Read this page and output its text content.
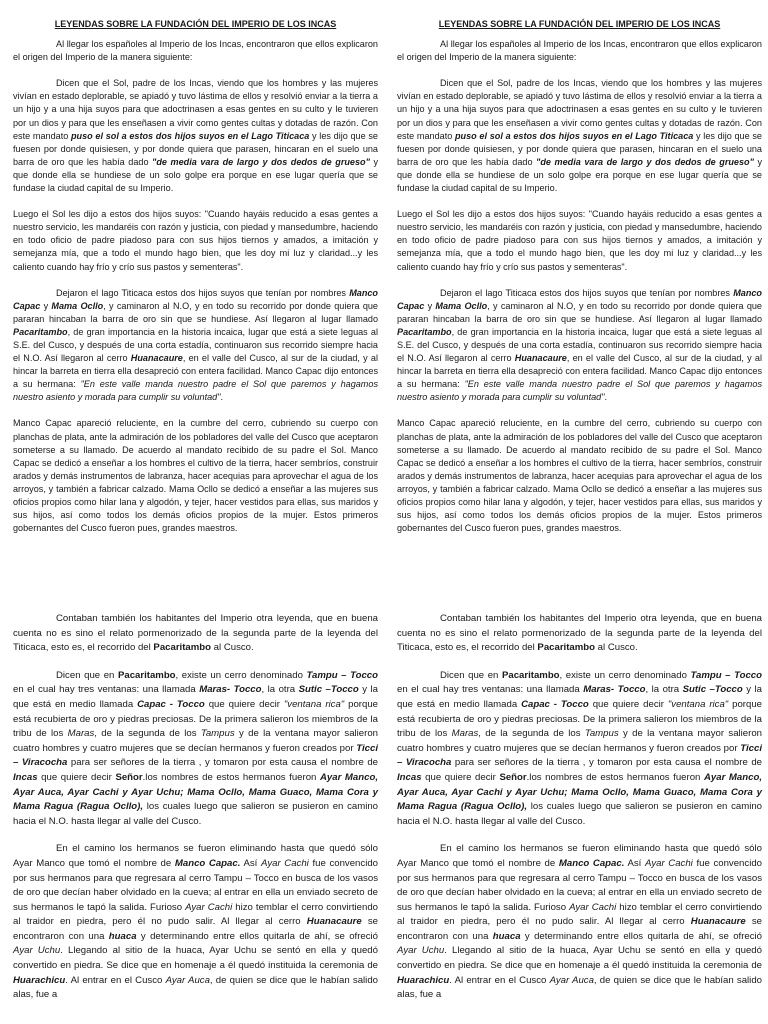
LEYENDAS SOBRE LA FUNDACIÓN DEL IMPERIO DE LOS INCAS

Al llegar los españoles al Imperio de los Incas, encontraron que ellos explicaron el origen del Imperio de la manera siguiente:

Dicen que el Sol, padre de los Incas, viendo que los hombres y las mujeres vivían en estado deplorable, se apiadó y tuvo lástima de ellos y resolvió enviar a la tierra a un hijo y a una hija suyos para que adoctrinasen a esas gentes en su culto y le tuvieren por un dios y para que les enseñasen a vivir como gentes cultas y dotadas de razón. Con este mandato puso el sol a estos dos hijos suyos en el Lago Titicaca y les dijo que se fuesen por donde quisiesen, y por donde quiera que parasen, hincaran en el suelo una barra de oro que les había dado "de media vara de largo y dos dedos de grueso" y que donde ella se hundiese de un solo golpe era porque en ese lugar quería que se fundase la ciudad capital de su Imperio.

Luego el Sol les dijo a estos dos hijos suyos: "Cuando hayáis reducido a esas gentes a nuestro servicio, les mandaréis con razón y justicia, con piedad y mansedumbre, haciendo en todo oficio de padre piadoso para con sus hijos tiernos y amados, a imitación y semejanza mía, que a todo el mundo hago bien, que les doy mi luz y claridad...y les caliento cuando hay frío y crío sus pastos y sementeras".

Dejaron el lago Titicaca estos dos hijos suyos que tenían por nombres Manco Capac y Mama Ocllo, y caminaron al N.O, y en todo su recorrido por donde quiera que pararan hincaban la barra de oro sin que se hundiese. Así llegaron al lugar llamado Pacaritambo, de gran importancia en la historia incaica, lugar que está a siete leguas al S.E. del Cusco, y después de una corta estadía, continuaron sus recorrido siempre hacia el N.O. Así llegaron al cerro Huanacaure, en el valle del Cusco, al sur de la ciudad, y al hincar la barreta en tierra ella desapreció con entera facilidad. Manco Capac dijo entonces a su hermana: "En este valle manda nuestro padre el Sol que paremos y hagamos nuestro asiento y morada para cumplir su voluntad".

Manco Capac apareció reluciente, en la cumbre del cerro, cubriendo su cuerpo con planchas de plata, ante la admiración de los pobladores del valle del Cusco que aceptaron someterse a su llamado. De acuerdo al mandato recibido de su padre el Sol. Manco Capac se dedicó a enseñar a los hombres el cultivo de la tierra, hacer sembríos, construir arados y demás instrumentos de labranza, hacer acequias para aprovechar el agua de los arroyos, y también a fabricar calzado. Mama Ocllo se dedicó a enseñar a las mujeres sus oficios propios como hilar lana y algodón, y tejer, hacer vestidos para ellas, sus maridos y sus hijos, así como todos los demás oficios propios de la mujer. Estos primeros gobernantes del Cusco fueron pues, grandes maestros.

LEYENDAS SOBRE LA FUNDACIÓN DEL IMPERIO DE LOS INCAS

Al llegar los españoles al Imperio de los Incas, encontraron que ellos explicaron el origen del Imperio de la manera siguiente:

Dicen que el Sol, padre de los Incas, viendo que los hombres y las mujeres vivían en estado deplorable, se apiadó y tuvo lástima de ellos y resolvió enviar a la tierra a un hijo y a una hija suyos para que adoctrinasen a esas gentes en su culto y le tuvieren por un dios y para que les enseñasen a vivir como gentes cultas y dotadas de razón. Con este mandato puso el sol a estos dos hijos suyos en el Lago Titicaca y les dijo que se fuesen por donde quisiesen, y por donde quiera que parasen, hincaran en el suelo una barra de oro que les había dado "de media vara de largo y dos dedos de grueso" y que donde ella se hundiese de un solo golpe era porque en ese lugar quería que se fundase la ciudad capital de su Imperio.

Luego el Sol les dijo a estos dos hijos suyos: "Cuando hayáis reducido a esas gentes a nuestro servicio, les mandaréis con razón y justicia, con piedad y mansedumbre, haciendo en todo oficio de padre piadoso para con sus hijos tiernos y amados, a imitación y semejanza mía, que a todo el mundo hago bien, que les doy mi luz y claridad...y les caliento cuando hay frío y crío sus pastos y sementeras".

Dejaron el lago Titicaca estos dos hijos suyos que tenían por nombres Manco Capac y Mama Ocllo, y caminaron al N.O, y en todo su recorrido por donde quiera que pararan hincaban la barra de oro sin que se hundiese. Así llegaron al lugar llamado Pacaritambo, de gran importancia en la historia incaica, lugar que está a siete leguas al S.E. del Cusco, y después de una corta estadía, continuaron sus recorrido siempre hacia el N.O. Así llegaron al cerro Huanacaure, en el valle del Cusco, al sur de la ciudad, y al hincar la barreta en tierra ella desapreció con entera facilidad. Manco Capac dijo entonces a su hermana: "En este valle manda nuestro padre el Sol que paremos y hagamos nuestro asiento y morada para cumplir su voluntad".

Manco Capac apareció reluciente, en la cumbre del cerro, cubriendo su cuerpo con planchas de plata, ante la admiración de los pobladores del valle del Cusco que aceptaron someterse a su llamado. De acuerdo al mandato recibido de su padre el Sol. Manco Capac se dedicó a enseñar a los hombres el cultivo de la tierra, hacer sembríos, construir arados y demás instrumentos de labranza, hacer acequias para aprovechar el agua de los arroyos, y también a fabricar calzado. Mama Ocllo se dedicó a enseñar a las mujeres sus oficios propios como hilar lana y algodón, y tejer, hacer vestidos para ellas, sus maridos y sus hijos, así como todos los demás oficios propios de la mujer. Estos primeros gobernantes del Cusco fueron pues, grandes maestros.

Contaban también los habitantes del Imperio otra leyenda, que en buena cuenta no es sino el relato pormenorizado de la segunda parte de la leyenda del Titicaca, esto es, el recorrido del Pacaritambo al Cusco.

Dicen que en Pacaritambo, existe un cerro denominado Tampu – Tocco en el cual hay tres ventanas: una llamada Maras- Tocco, la otra Sutic –Tocco y la que está en medio llamada Capac - Tocco que quiere decir "ventana rica" porque está recubierta de oro y piedras preciosas. De la primera salieron los miembros de la tribu de los Maras, de la segunda de los Tampus y de la ventana mayor salieron cuatro hombres y cuatro mujeres que se decían hermanos y fueron creados por Ticci – Viracocha para ser señores de la tierra , y tomaron por esta causa el nombre de Incas que quiere decir Señor.los nombres de estos hermanos fueron Ayar Manco, Ayar Auca, Ayar Cachi y Ayar Uchu; Mama Ocllo, Mama Guaco, Mama Cora y Mama Ragua (Ragua Ocllo), los cuales luego que salieron se pusieron en camino hacia el N.O. hasta llegar al valle del Cusco.

En el camino los hermanos se fueron eliminando hasta que quedó sólo Ayar Manco que tomó el nombre de Manco Capac. Así Ayar Cachi fue convencido por sus hermanos para que regresara al cerro Tampu – Tocco en busca de los vasos de oro que decían haber olvidado en la cueva; al entrar en ella un enviado secreto de sus hermanos le tapó la salida. Furioso Ayar Cachi hizo temblar el cerro convirtiendo al traidor en piedra, pero él no pudo salir. Al llegar al cerro Huanacaure se encontraron con una huaca y determinando entre ellos quitarla de ahí, se ofreció Ayar Uchu. Llegando al sitio de la huaca, Ayar Uchu se sentó en ella y quedó convertido en piedra. Se dice que en homenaje a él quedó instituida la ceremonia de Huarachicu. Al entrar en el Cusco Ayar Auca, de quien se dice que le habían salido alas, fue a

Contaban también los habitantes del Imperio otra leyenda, que en buena cuenta no es sino el relato pormenorizado de la segunda parte de la leyenda del Titicaca, esto es, el recorrido del Pacaritambo al Cusco.

Dicen que en Pacaritambo, existe un cerro denominado Tampu – Tocco en el cual hay tres ventanas: una llamada Maras- Tocco, la otra Sutic –Tocco y la que está en medio llamada Capac - Tocco que quiere decir "ventana rica" porque está recubierta de oro y piedras preciosas. De la primera salieron los miembros de la tribu de los Maras, de la segunda de los Tampus y de la ventana mayor salieron cuatro hombres y cuatro mujeres que se decían hermanos y fueron creados por Ticci – Viracocha para ser señores de la tierra , y tomaron por esta causa el nombre de Incas que quiere decir Señor.los nombres de estos hermanos fueron Ayar Manco, Ayar Auca, Ayar Cachi y Ayar Uchu; Mama Ocllo, Mama Guaco, Mama Cora y Mama Ragua (Ragua Ocllo), los cuales luego que salieron se pusieron en camino hacia el N.O. hasta llegar al valle del Cusco.

En el camino los hermanos se fueron eliminando hasta que quedó sólo Ayar Manco que tomó el nombre de Manco Capac. Así Ayar Cachi fue convencido por sus hermanos para que regresara al cerro Tampu – Tocco en busca de los vasos de oro que decían haber olvidado en la cueva; al entrar en ella un enviado secreto de sus hermanos le tapó la salida. Furioso Ayar Cachi hizo temblar el cerro convirtiendo al traidor en piedra, pero él no pudo salir. Al llegar al cerro Huanacaure se encontraron con una huaca y determinando entre ellos quitarla de ahí, se ofreció Ayar Uchu. Llegando al sitio de la huaca, Ayar Uchu se sentó en ella y quedó convertido en piedra. Se dice que en homenaje a él quedó instituida la ceremonia de Huarachicu. Al entrar en el Cusco Ayar Auca, de quien se dice que le habían salido alas, fue a
